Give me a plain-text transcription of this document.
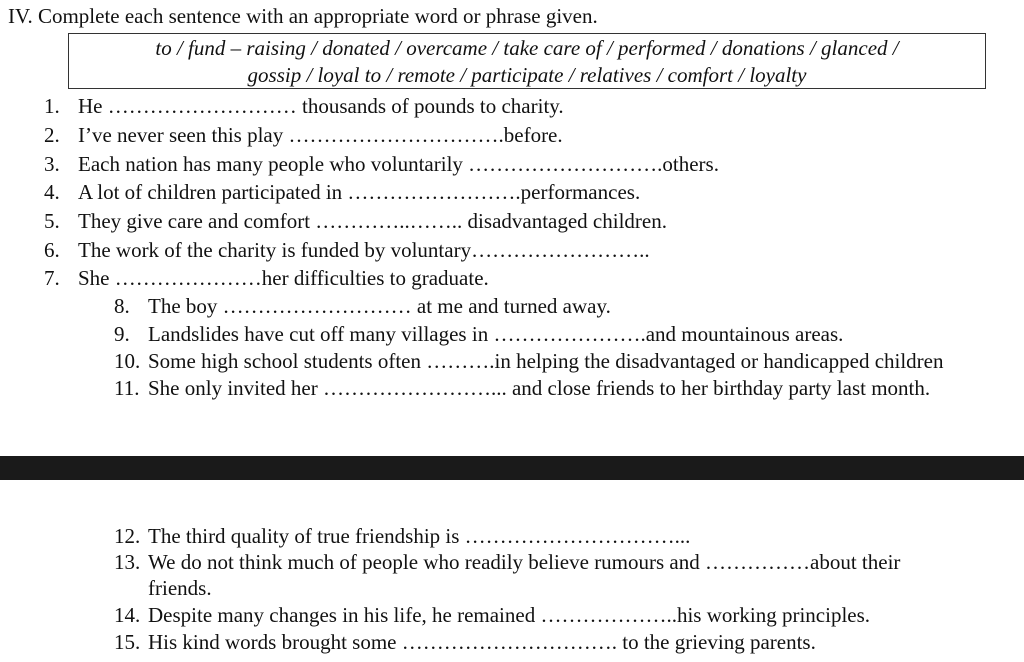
IV. Complete each sentence with an appropriate word or phrase given.
to / fund – raising / donated / overcame / take care of / performed / donations / glanced /
gossip / loyal to / remote / participate / relatives / comfort / loyalty
1. He ……………………… thousands of pounds to charity.
2. I’ve never seen this play ………………………….before.
3. Each nation has many people who voluntarily ……………………….others.
4. A lot of children participated in …………………….performances.
5. They give care and comfort …………..…….. disadvantaged children.
6. The work of the charity is funded by voluntary……………………..
7. She …………………her difficulties to graduate.
8. The boy ……………………… at me and turned away.
9. Landslides have cut off many villages in ………………….and mountainous areas.
10. Some high school students often ……….in helping the disadvantaged or handicapped children
11. She only invited her ……………………... and close friends to her birthday party last month.
12. The third quality of true friendship is …………………………...
13. We do not think much of people who readily believe rumours and ……………about their
friends.
14. Despite many changes in his life, he remained ………………..his working principles.
15. His kind words brought some …………………………. to the grieving parents.
